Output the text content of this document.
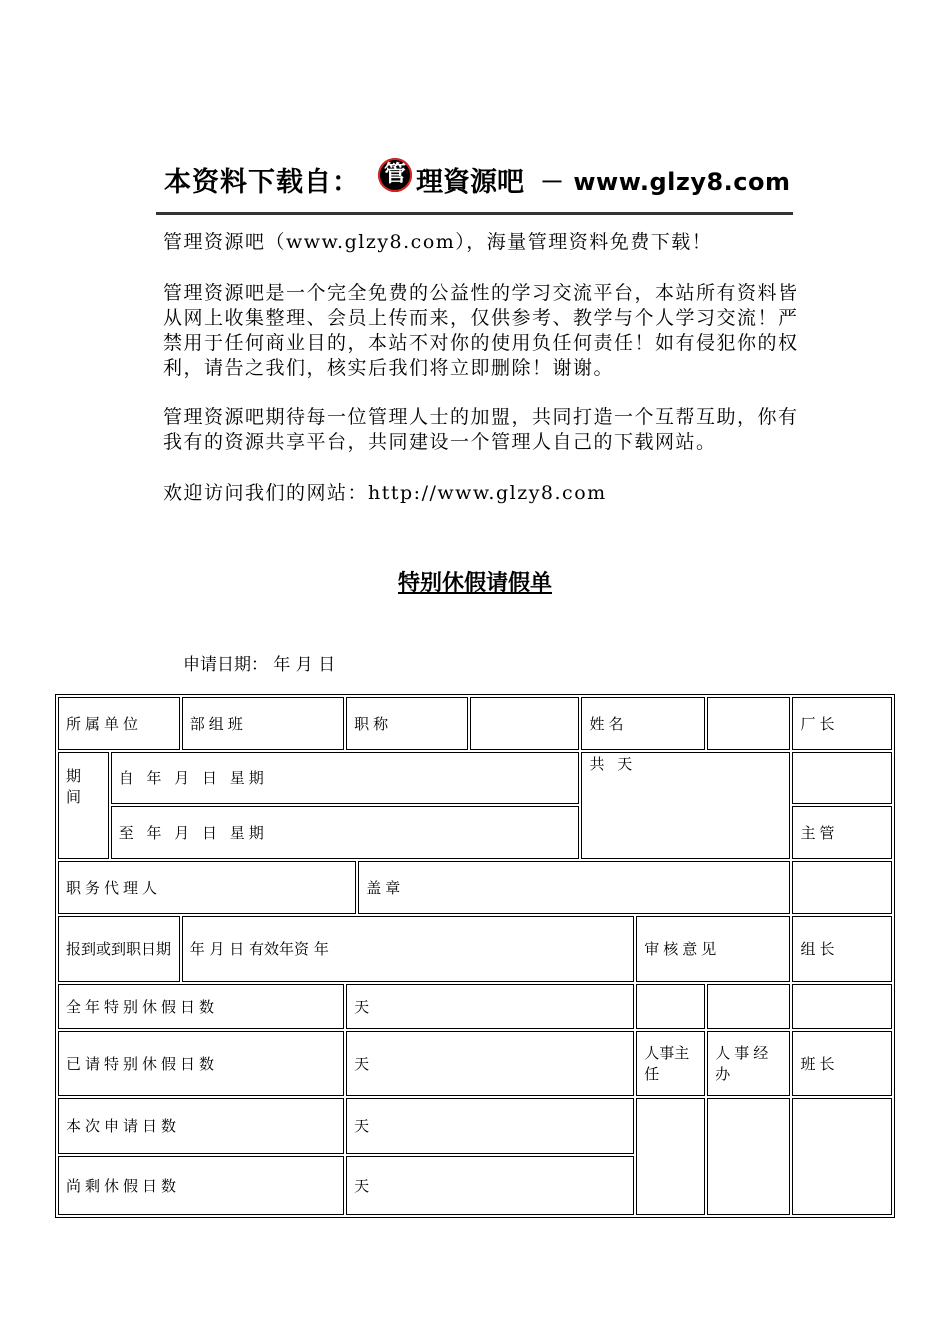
本资料下载自： 管 理資源吧 － www.glzy8.com
管理资源吧（www.glzy8.com），海量管理资料免费下载！
管理资源吧是一个完全免费的公益性的学习交流平台，本站所有资料皆从网上收集整理、会员上传而来，仅供参考、教学与个人学习交流！严禁用于任何商业目的，本站不对你的使用负任何责任！如有侵犯你的权利，请告之我们，核实后我们将立即删除！谢谢。
管理资源吧期待每一位管理人士的加盟，共同打造一个互帮互助，你有我有的资源共享平台，共同建设一个管理人自己的下载网站。
欢迎访问我们的网站：http://www.glzy8.com
特别休假请假单
申请日期： 年 月 日
所属单位		部组班	职称			姓名			厂长
期间	自 年 月 日 星期					共 天			
	至 年 月 日 星期								主管
职务代理人				盖章					
报到或到职日期		年 月 日 有效年资 年					审核意见		组长
全年特别休假日数			天						
已请特别休假日数			天				人事主任	人事经办	班长
本次申请日数			天						
尚剩休假日数			天						
